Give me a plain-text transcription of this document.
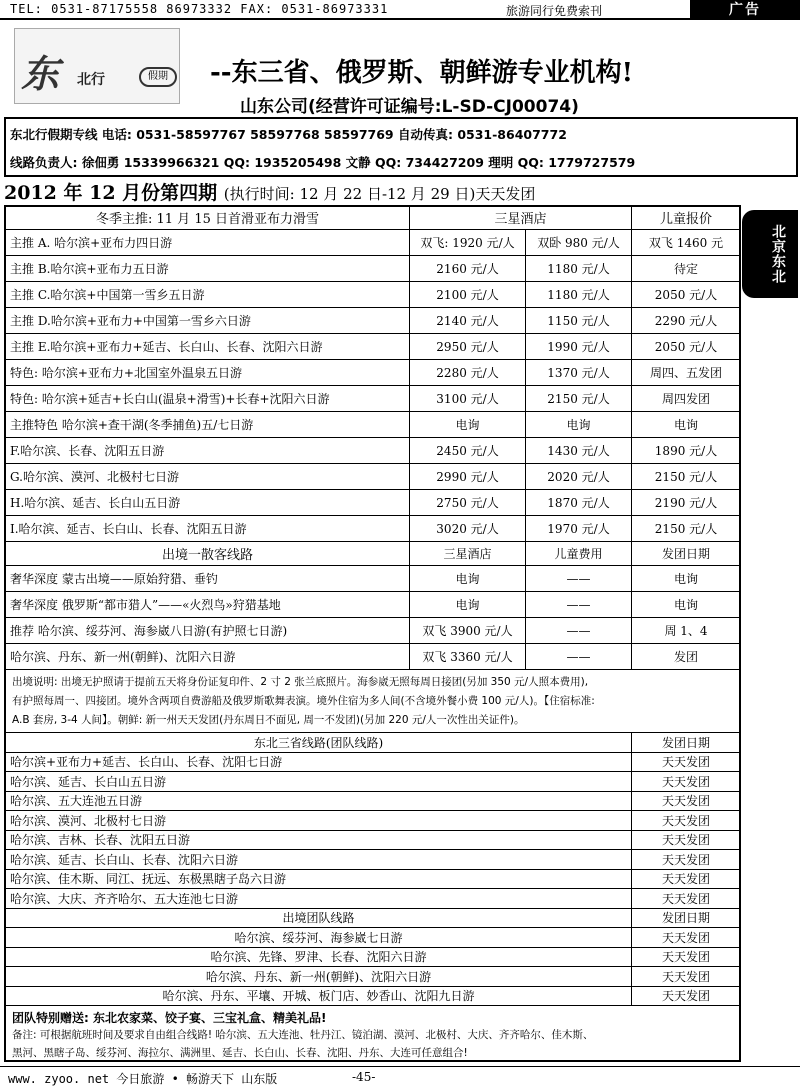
TEL: 0531-87175558 86973332 FAX: 0531-86973331	旅游同行免费索刊	广告
东 北行	假期	--东三省、俄罗斯、朝鲜游专业机构!
山东公司(经营许可证编号:L-SD-CJ00074)
东北行假期专线 电话: 0531-58597767 58597768 58597769 自动传真: 0531-86407772
线路负责人: 徐佃勇 15339966321 QQ: 1935205498 文静 QQ: 734427209 理明 QQ: 1779727579
2012 年 12 月份第四期 (执行时间: 12 月 22 日-12 月 29 日)天天发团
北京东北
冬季主推: 11 月 15 日首滑亚布力滑雪	三星酒店	儿童报价
主推 A. 哈尔滨+亚布力四日游	双飞: 1920 元/人	双卧 980 元/人	双飞 1460 元
主推 B.哈尔滨+亚布力五日游	2160 元/人	1180 元/人	待定
主推 C.哈尔滨+中国第一雪乡五日游	2100 元/人	1180 元/人	2050 元/人
主推 D.哈尔滨+亚布力+中国第一雪乡六日游	2140 元/人	1150 元/人	2290 元/人
主推 E.哈尔滨+亚布力+延吉、长白山、长春、沈阳六日游	2950 元/人	1990 元/人	2050 元/人
特色: 哈尔滨+亚布力+北国室外温泉五日游	2280 元/人	1370 元/人	周四、五发团
特色: 哈尔滨+延吉+长白山(温泉+滑雪)+长春+沈阳六日游	3100 元/人	2150 元/人	周四发团
主推特色 哈尔滨+查干湖(冬季捕鱼)五/七日游	电询	电询	电询
F.哈尔滨、长春、沈阳五日游	2450 元/人	1430 元/人	1890 元/人
G.哈尔滨、漠河、北极村七日游	2990 元/人	2020 元/人	2150 元/人
H.哈尔滨、延吉、长白山五日游	2750 元/人	1870 元/人	2190 元/人
I.哈尔滨、延吉、长白山、长春、沈阳五日游	3020 元/人	1970 元/人	2150 元/人
出境一散客线路	三星酒店	儿童费用	发团日期
奢华深度 蒙古出境——原始狩猎、垂钓	电询	——	电询
奢华深度 俄罗斯“都市猎人”——«火烈鸟»狩猎基地	电询	——	电询
推荐 哈尔滨、绥芬河、海参崴八日游(有护照七日游)	双飞 3900 元/人	——	周 1、4
哈尔滨、丹东、新一州(朝鲜)、沈阳六日游	双飞 3360 元/人	——	发团
出境说明: 出境无护照请于提前五天将身份证复印件、2 寸 2 张兰底照片。海参崴无照每周日接团(另加 350 元/人照本费用),
有护照每周一、四接团。境外含两项自费游船及俄罗斯歌舞表演。境外住宿为多人间(不含境外餐小费 100 元/人)。【住宿标准:
A.B 套房, 3-4 人间】。朝鲜: 新一州天天发团(丹东周日不面见, 周一不发团)(另加 220 元/人一次性出关证件)。
东北三省线路(团队线路)	发团日期
哈尔滨+亚布力+延吉、长白山、长春、沈阳七日游	天天发团
哈尔滨、延吉、长白山五日游	天天发团
哈尔滨、五大连池五日游	天天发团
哈尔滨、漠河、北极村七日游	天天发团
哈尔滨、吉林、长春、沈阳五日游	天天发团
哈尔滨、延吉、长白山、长春、沈阳六日游	天天发团
哈尔滨、佳木斯、同江、抚远、东极黑瞎子岛六日游	天天发团
哈尔滨、大庆、齐齐哈尔、五大连池七日游	天天发团
出境团队线路	发团日期
哈尔滨、绥芬河、海参崴七日游	天天发团
哈尔滨、先锋、罗津、长春、沈阳六日游	天天发团
哈尔滨、丹东、新一州(朝鲜)、沈阳六日游	天天发团
哈尔滨、丹东、平壤、开城、板门店、妙香山、沈阳九日游	天天发团
团队特别赠送: 东北农家菜、饺子宴、三宝礼盒、精美礼品!
备注: 可根据航班时间及要求自由组合线路! 哈尔滨、五大连池、牡丹江、镜泊湖、漠河、北极村、大庆、齐齐哈尔、佳木斯、
黑河、黑瞎子岛、绥芬河、海拉尔、满洲里、延吉、长白山、长春、沈阳、丹东、大连可任意组合!
www. zyoo. net 今日旅游 • 畅游天下 山东版	-45-
